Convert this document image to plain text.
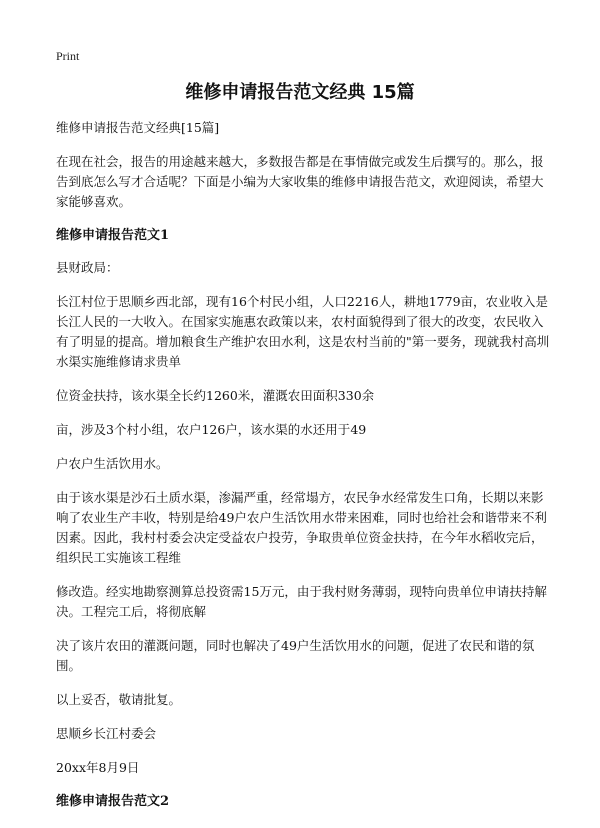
Print
维修申请报告范文经典 15篇

维修申请报告范文经典[15篇]

在现在社会，报告的用途越来越大，多数报告都是在事情做完或发生后撰写的。那么，报告到底怎么写才合适呢？下面是小编为大家收集的维修申请报告范文，欢迎阅读，希望大家能够喜欢。

维修申请报告范文1

县财政局：

长江村位于思顺乡西北部，现有16个村民小组，人口2216人，耕地1779亩，农业收入是长江人民的一大收入。在国家实施惠农政策以来，农村面貌得到了很大的改变，农民收入有了明显的提高。增加粮食生产维护农田水利，这是农村当前的"第一要务，现就我村高圳水渠实施维修请求贵单

位资金扶持，该水渠全长约1260米，灌溉农田面积330余

亩，涉及3个村小组，农户126户，该水渠的水还用于49

户农户生活饮用水。

由于该水渠是沙石土质水渠，渗漏严重，经常塌方，农民争水经常发生口角，长期以来影响了农业生产丰收，特别是给49户农户生活饮用水带来困难，同时也给社会和谐带来不利因素。因此，我村村委会决定受益农户投劳，争取贵单位资金扶持，在今年水稻收完后，组织民工实施该工程维

修改造。经实地勘察测算总投资需15万元，由于我村财务薄弱，现特向贵单位申请扶持解决。工程完工后，将彻底解

决了该片农田的灌溉问题，同时也解决了49户生活饮用水的问题，促进了农民和谐的氛围。

以上妥否，敬请批复。

思顺乡长江村委会

20xx年8月9日

维修申请报告范文2
